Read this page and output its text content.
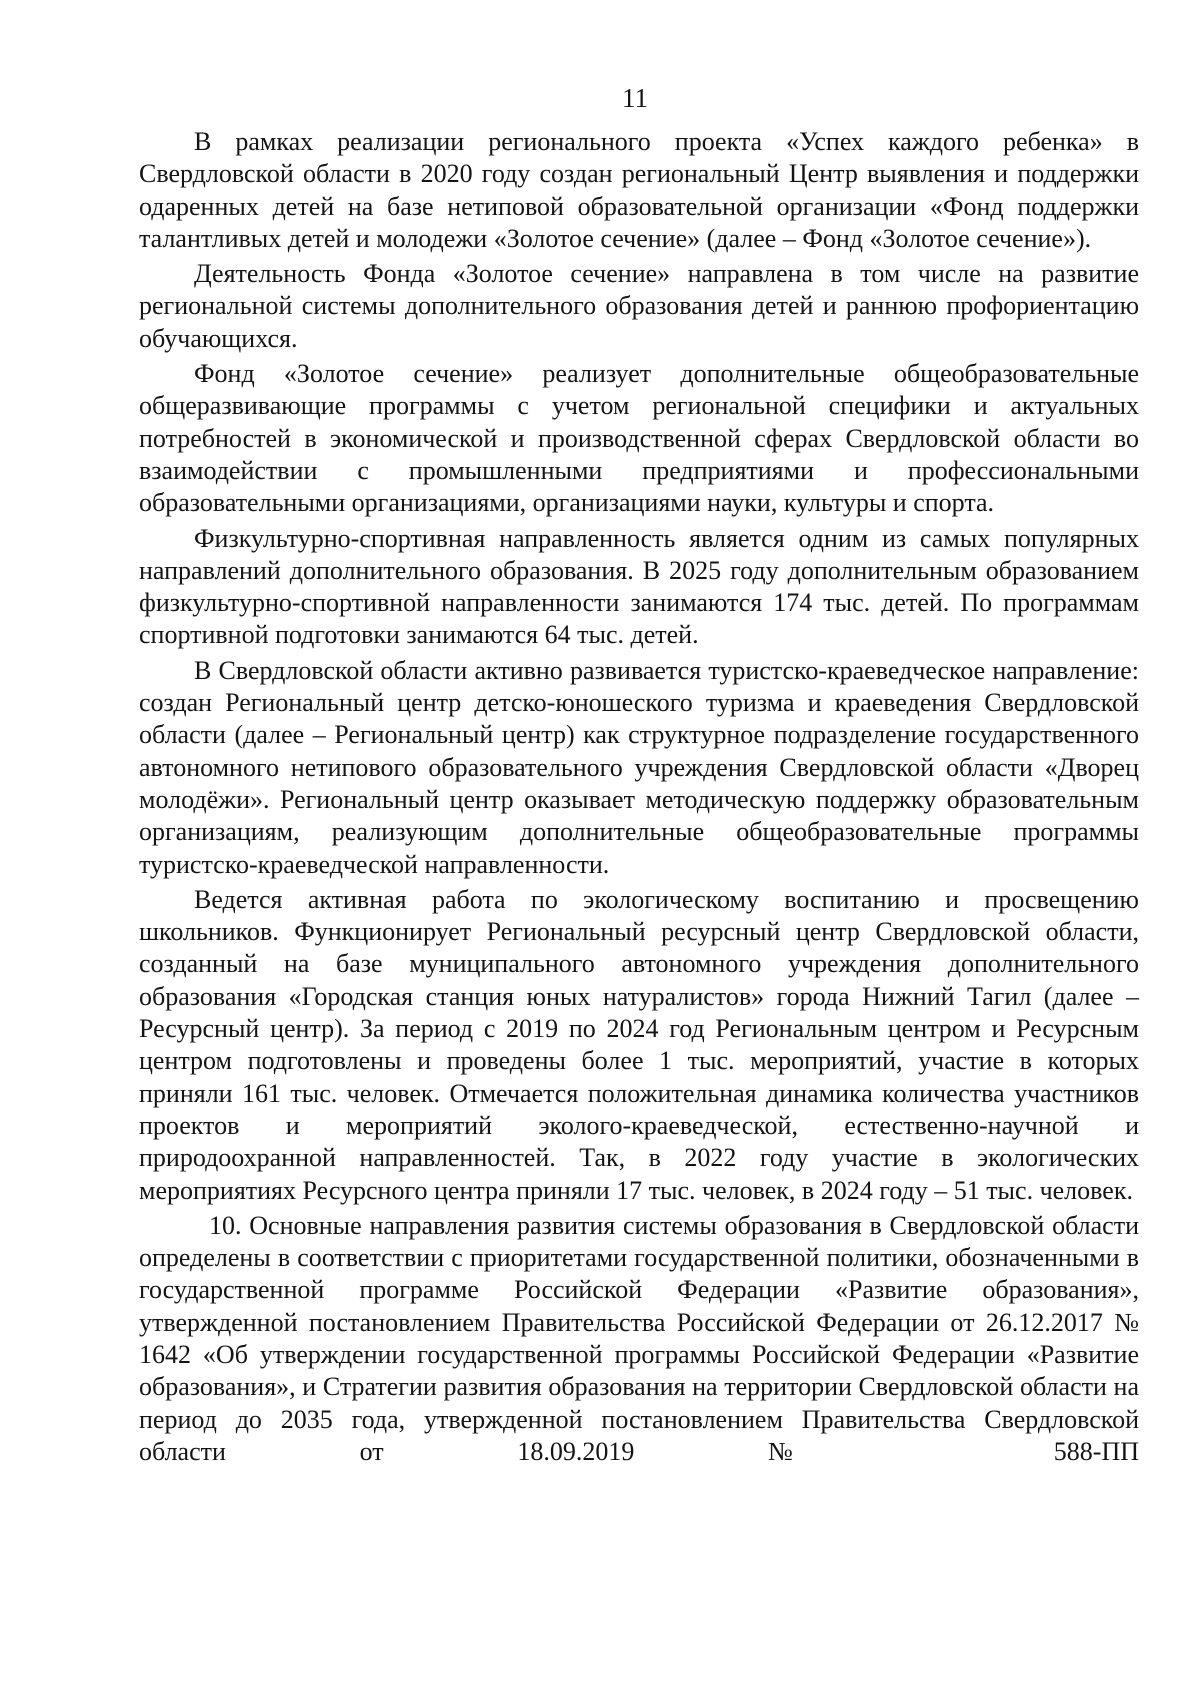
11

В рамках реализации регионального проекта «Успех каждого ребенка» в Свердловской области в 2020 году создан региональный Центр выявления и поддержки одаренных детей на базе нетиповой образовательной организации «Фонд поддержки талантливых детей и молодежи «Золотое сечение» (далее – Фонд «Золотое сечение»).

Деятельность Фонда «Золотое сечение» направлена в том числе на развитие региональной системы дополнительного образования детей и раннюю профориентацию обучающихся.

Фонд «Золотое сечение» реализует дополнительные общеобразовательные общеразвивающие программы с учетом региональной специфики и актуальных потребностей в экономической и производственной сферах Свердловской области во взаимодействии с промышленными предприятиями и профессиональными образовательными организациями, организациями науки, культуры и спорта.

Физкультурно-спортивная направленность является одним из самых популярных направлений дополнительного образования. В 2025 году дополнительным образованием физкультурно-спортивной направленности занимаются 174 тыс. детей. По программам спортивной подготовки занимаются 64 тыс. детей.

В Свердловской области активно развивается туристско-краеведческое направление: создан Региональный центр детско-юношеского туризма и краеведения Свердловской области (далее – Региональный центр) как структурное подразделение государственного автономного нетипового образовательного учреждения Свердловской области «Дворец молодёжи». Региональный центр оказывает методическую поддержку образовательным организациям, реализующим дополнительные общеобразовательные программы туристско-краеведческой направленности.

Ведется активная работа по экологическому воспитанию и просвещению школьников. Функционирует Региональный ресурсный центр Свердловской области, созданный на базе муниципального автономного учреждения дополнительного образования «Городская станция юных натуралистов» города Нижний Тагил (далее – Ресурсный центр). За период с 2019 по 2024 год Региональным центром и Ресурсным центром подготовлены и проведены более 1 тыс. мероприятий, участие в которых приняли 161 тыс. человек. Отмечается положительная динамика количества участников проектов и мероприятий эколого-краеведческой, естественно-научной и природоохранной направленностей. Так, в 2022 году участие в экологических мероприятиях Ресурсного центра приняли 17 тыс. человек, в 2024 году – 51 тыс. человек.

10. Основные направления развития системы образования в Свердловской области определены в соответствии с приоритетами государственной политики, обозначенными в государственной программе Российской Федерации «Развитие образования», утвержденной постановлением Правительства Российской Федерации от 26.12.2017 № 1642 «Об утверждении государственной программы Российской Федерации «Развитие образования», и Стратегии развития образования на территории Свердловской области на период до 2035 года, утвержденной постановлением Правительства Свердловской области от 18.09.2019 № 588-ПП
